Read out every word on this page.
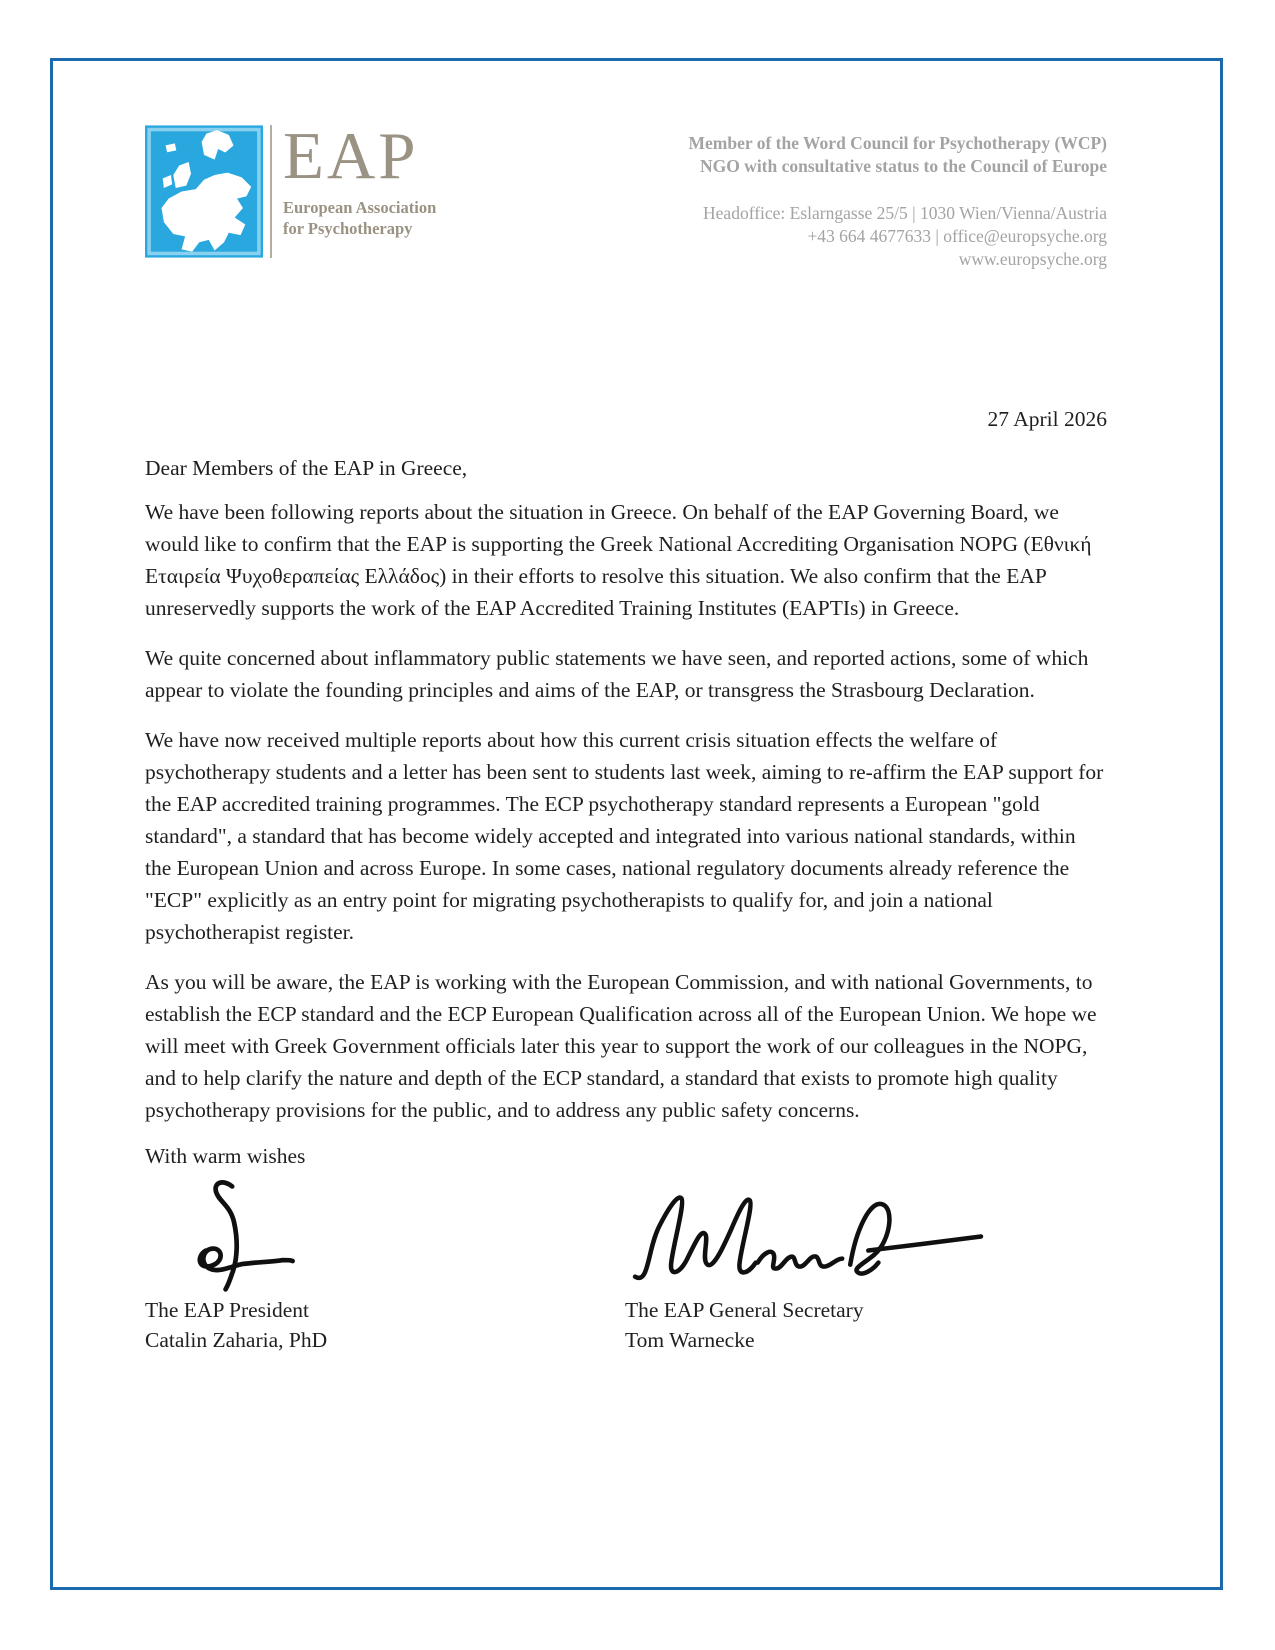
EAP
European Association
for Psychotherapy
Member of the Word Council for Psychotherapy (WCP)
NGO with consultative status to the Council of Europe
Headoffice: Eslarngasse 25/5 | 1030 Wien/Vienna/Austria
+43 664 4677633 | office@europsyche.org
www.europsyche.org
27 April 2026

Dear Members of the EAP in Greece,

We have been following reports about the situation in Greece. On behalf of the EAP Governing Board, we would like to confirm that the EAP is supporting the Greek National Accrediting Organisation NOPG (Εθνική Εταιρεία Ψυχοθεραπείας Ελλάδος) in their efforts to resolve this situation. We also confirm that the EAP unreservedly supports the work of the EAP Accredited Training Institutes (EAPTIs) in Greece.

We quite concerned about inflammatory public statements we have seen, and reported actions, some of which appear to violate the founding principles and aims of the EAP, or transgress the Strasbourg Declaration.

We have now received multiple reports about how this current crisis situation effects the welfare of psychotherapy students and a letter has been sent to students last week, aiming to re-affirm the EAP support for the EAP accredited training programmes. The ECP psychotherapy standard represents a European "gold standard", a standard that has become widely accepted and integrated into various national standards, within the European Union and across Europe. In some cases, national regulatory documents already reference the "ECP" explicitly as an entry point for migrating psychotherapists to qualify for, and join a national psychotherapist register.

As you will be aware, the EAP is working with the European Commission, and with national Governments, to establish the ECP standard and the ECP European Qualification across all of the European Union. We hope we will meet with Greek Government officials later this year to support the work of our colleagues in the NOPG, and to help clarify the nature and depth of the ECP standard, a standard that exists to promote high quality psychotherapy provisions for the public, and to address any public safety concerns.

With warm wishes

The EAP President
Catalin Zaharia, PhD
The EAP General Secretary
Tom Warnecke
